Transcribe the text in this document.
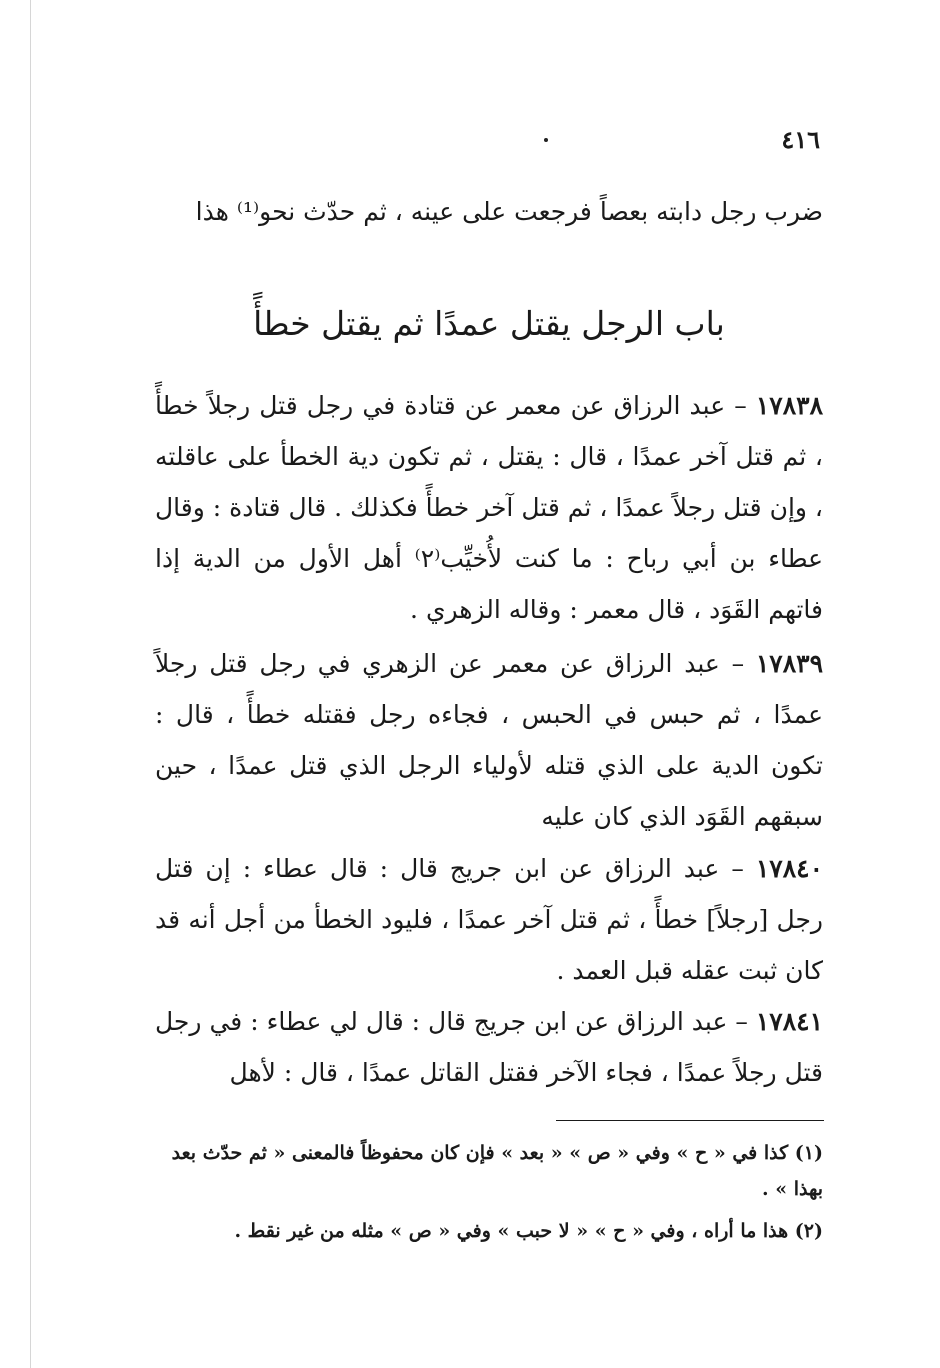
٤١٦
ضرب رجل دابته بعصاً فرجعت على عينه ، ثم حدّث نحو⁽¹⁾ هذا
باب الرجل يقتل عمدًا ثم يقتل خطأً
١٧٨٣٨ – عبد الرزاق عن معمر عن قتادة في رجل قتل رجلاً خطأً ، ثم قتل آخر عمدًا ، قال : يقتل ، ثم تكون دية الخطأ على عاقلته ، وإن قتل رجلاً عمدًا ، ثم قتل آخر خطأً فكذلك . قال قتادة : وقال عطاء بن أبي رباح : ما كنت لأُخيِّب⁽٢⁾ أهل الأول من الدية إذا فاتهم القَوَد ، قال معمر : وقاله الزهري .
١٧٨٣٩ – عبد الرزاق عن معمر عن الزهري في رجل قتل رجلاً عمدًا ، ثم حبس في الحبس ، فجاءه رجل فقتله خطأً ، قال : تكون الدية على الذي قتله لأولياء الرجل الذي قتل عمدًا ، حين سبقهم القَوَد الذي كان عليه
١٧٨٤٠ – عبد الرزاق عن ابن جريج قال : قال عطاء : إن قتل رجل [رجلاً] خطأً ، ثم قتل آخر عمدًا ، فليود الخطأ من أجل أنه قد كان ثبت عقله قبل العمد .
١٧٨٤١ – عبد الرزاق عن ابن جريج قال : قال لي عطاء : في رجل قتل رجلاً عمدًا ، فجاء الآخر فقتل القاتل عمدًا ، قال : لأهل

(١) كذا في « ح » وفي « ص » « بعد » فإن كان محفوظاً فالمعنى « ثم حدّث بعد بهذا » .

(٢) هذا ما أراه ، وفي « ح » « لا حبب » وفي « ص » مثله من غير نقط .
